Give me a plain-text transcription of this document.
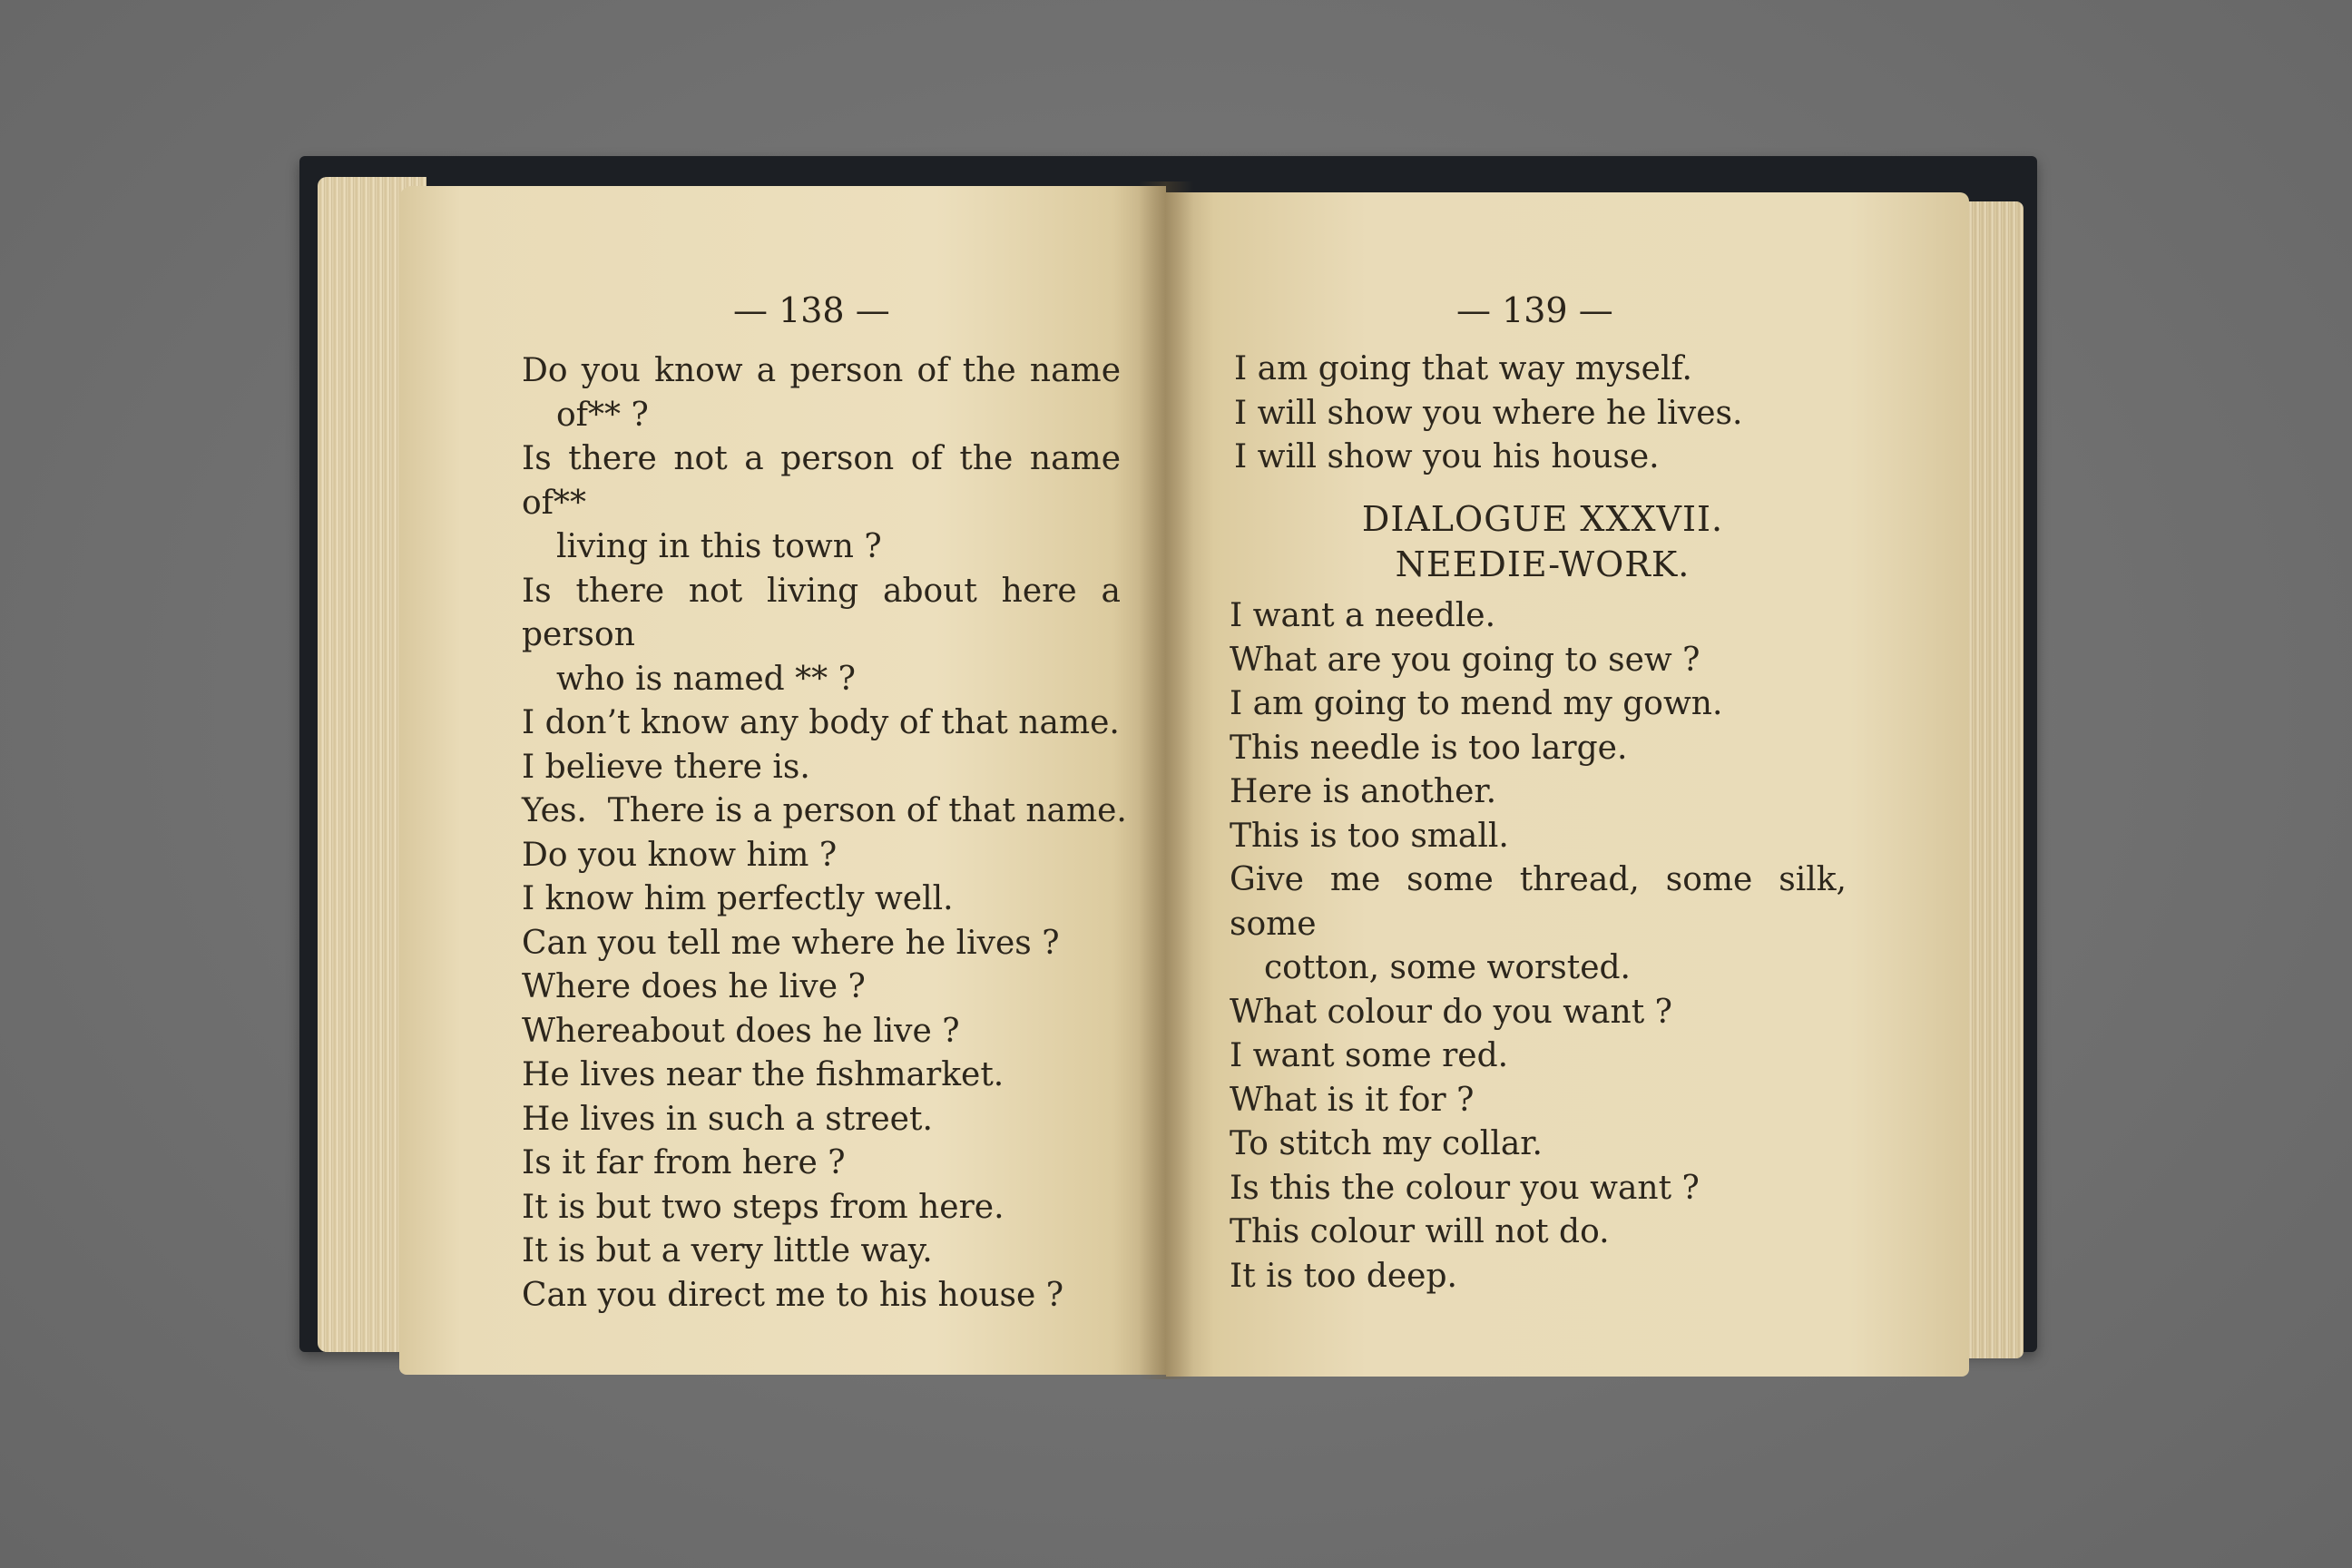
— 138 —
Do you know a person of the name
of** ?
Is there not a person of the name of**
living in this town ?
Is there not living about here a person
who is named ** ?
I don’t know any body of that name.
I believe there is.
Yes.  There is a person of that name.
Do you know him ?
I know him perfectly well.
Can you tell me where he lives ?
Where does he live ?
Whereabout does he live ?
He lives near the fishmarket.
He lives in such a street.
Is it far from here ?
It is but two steps from here.
It is but a very little way.
Can you direct me to his house ?
— 139 —
I am going that way myself.
I will show you where he lives.
I will show you his house.
DIALOGUE XXXVII.
NEEDIE-WORK.
I want a needle.
What are you going to sew ?
I am going to mend my gown.
This needle is too large.
Here is another.
This is too small.
Give me some thread, some silk, some
cotton, some worsted.
What colour do you want ?
I want some red.
What is it for ?
To stitch my collar.
Is this the colour you want ?
This colour will not do.
It is too deep.
